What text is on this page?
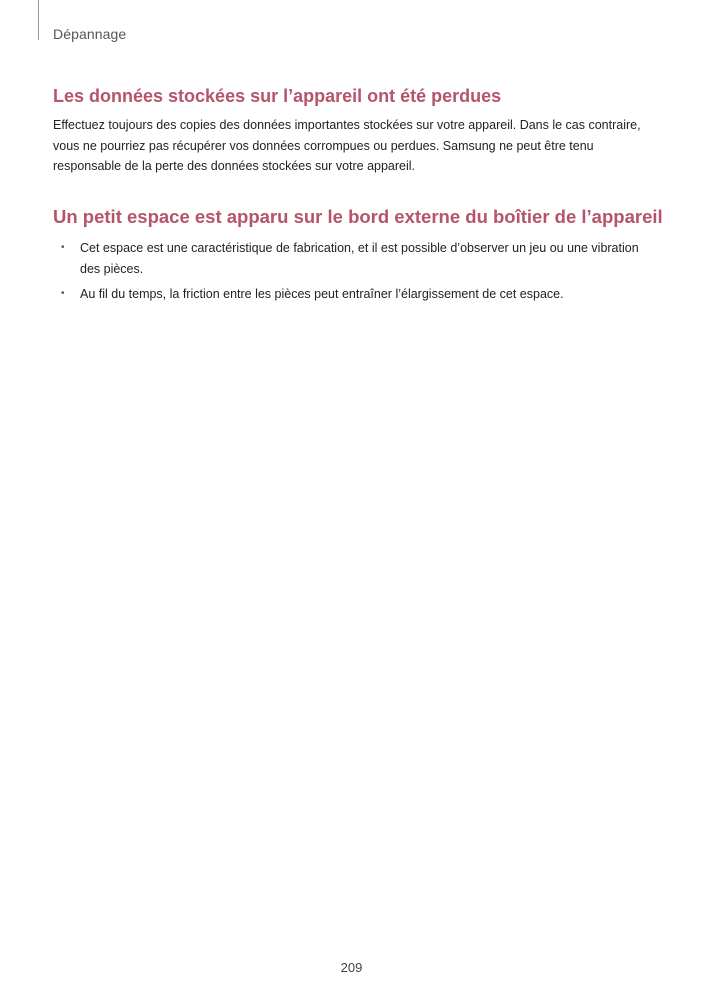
Dépannage
Les données stockées sur l’appareil ont été perdues

Effectuez toujours des copies des données importantes stockées sur votre appareil. Dans le cas contraire, vous ne pourriez pas récupérer vos données corrompues ou perdues. Samsung ne peut être tenu responsable de la perte des données stockées sur votre appareil.

Un petit espace est apparu sur le bord externe du boîtier de l’appareil
• Cet espace est une caractéristique de fabrication, et il est possible d’observer un jeu ou une vibration des pièces.
• Au fil du temps, la friction entre les pièces peut entraîner l’élargissement de cet espace.
209
